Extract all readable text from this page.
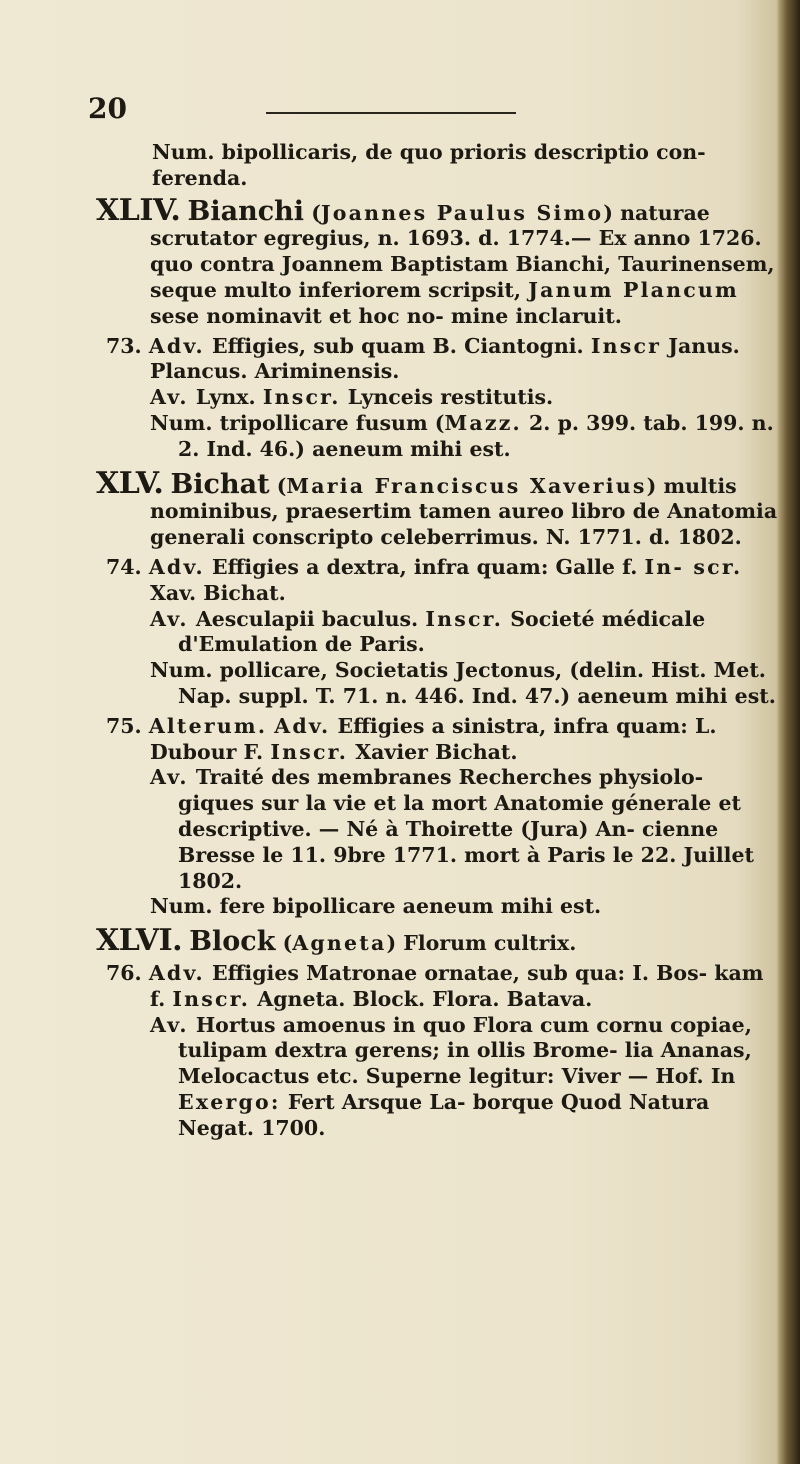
20

Num. bipollicaris, de quo prioris descriptio con- ferenda.

XLIV. Bianchi (Joannes Paulus Simo) naturae scrutator egregius, n. 1693. d. 1774.— Ex anno 1726. quo contra Joannem Baptistam Bianchi, Taurinensem, seque multo inferiorem scripsit, Janum Plancum sese nominavit et hoc no- mine inclaruit.

73. Adv. Effigies, sub quam B. Ciantogni. Inscr Janus. Plancus. Ariminensis.

Av. Lynx. Inscr. Lynceis restitutis.

Num. tripollicare fusum (Mazz. 2. p. 399. tab. 199. n. 2. Ind. 46.) aeneum mihi est.

XLV. Bichat (Maria Franciscus Xaverius) multis nominibus, praesertim tamen aureo libro de Anatomia generali conscripto celeberrimus. N. 1771. d. 1802.

74. Adv. Effigies a dextra, infra quam: Galle f. In- scr. Xav. Bichat.

Av. Aesculapii baculus. Inscr. Societé médicale d'Emulation de Paris.

Num. pollicare, Societatis Jectonus, (delin. Hist. Met. Nap. suppl. T. 71. n. 446. Ind. 47.) aeneum mihi est.

75. Alterum. Adv. Effigies a sinistra, infra quam: L. Dubour F. Inscr. Xavier Bichat.

Av. Traité des membranes Recherches physiolo- giques sur la vie et la mort Anatomie génerale et descriptive. — Né à Thoirette (Jura) An- cienne Bresse le 11. 9bre 1771. mort à Paris le 22. Juillet 1802.

Num. fere bipollicare aeneum mihi est.

XLVI. Block (Agneta) Florum cultrix.

76. Adv. Effigies Matronae ornatae, sub qua: I. Bos- kam f. Inscr. Agneta. Block. Flora. Batava.

Av. Hortus amoenus in quo Flora cum cornu copiae, tulipam dextra gerens; in ollis Brome- lia Ananas, Melocactus etc. Superne legitur: Viver — Hof. In Exergo: Fert Arsque La- borque Quod Natura Negat. 1700.
